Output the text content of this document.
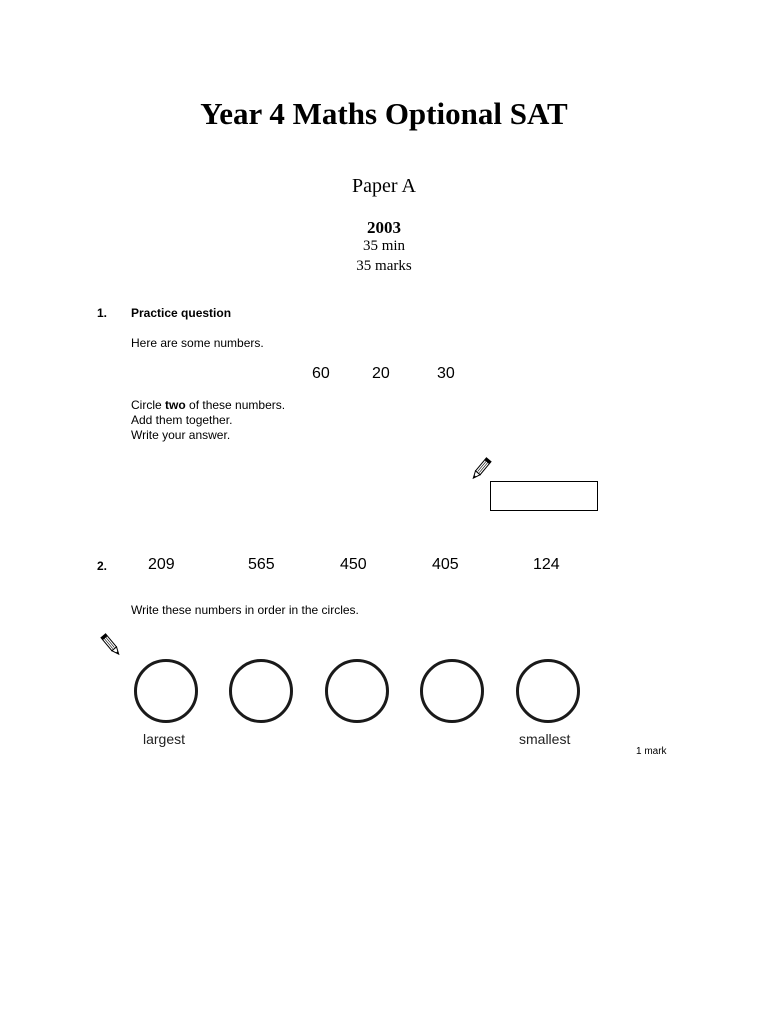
Year 4 Maths Optional SAT
Paper A
2003
35 min
35 marks
1. Practice question
Here are some numbers.
60	20	30
Circle two of these numbers.
Add them together.
Write your answer.
2.	209	565	450	405	124
Write these numbers in order in the circles.
largest	smallest
1 mark
